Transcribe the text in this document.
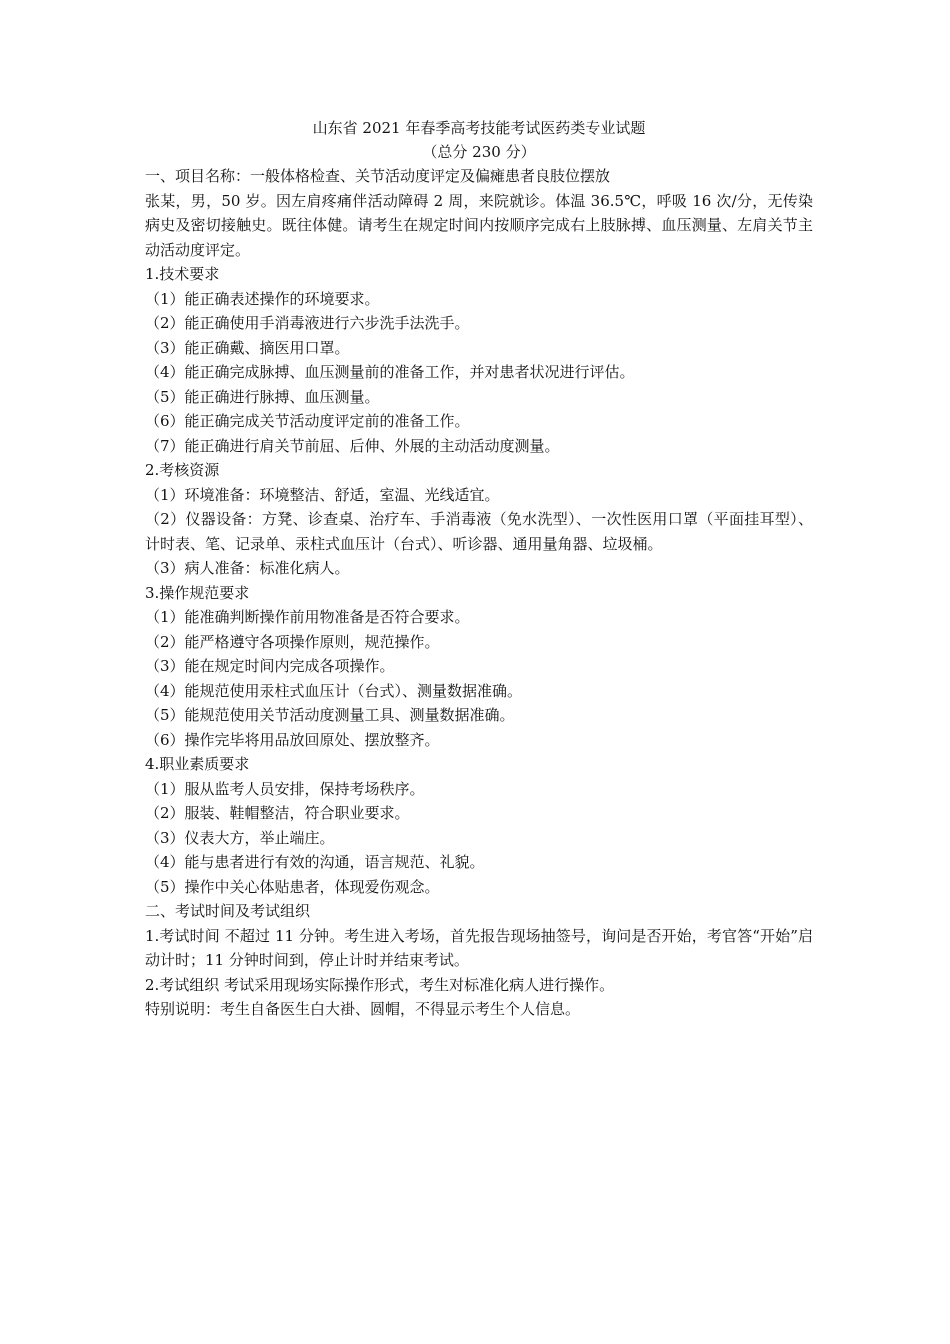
山东省 2021 年春季高考技能考试医药类专业试题

（总分 230 分）

一、项目名称：一般体格检查、关节活动度评定及偏瘫患者良肢位摆放

张某，男，50 岁。因左肩疼痛伴活动障碍 2 周，来院就诊。体温 36.5℃，呼吸 16 次/分，无传染病史及密切接触史。既往体健。请考生在规定时间内按顺序完成右上肢脉搏、血压测量、左肩关节主动活动度评定。

1.技术要求

（1）能正确表述操作的环境要求。

（2）能正确使用手消毒液进行六步洗手法洗手。

（3）能正确戴、摘医用口罩。

（4）能正确完成脉搏、血压测量前的准备工作，并对患者状况进行评估。

（5）能正确进行脉搏、血压测量。

（6）能正确完成关节活动度评定前的准备工作。

（7）能正确进行肩关节前屈、后伸、外展的主动活动度测量。

2.考核资源

（1）环境准备：环境整洁、舒适，室温、光线适宜。

（2）仪器设备：方凳、诊查桌、治疗车、手消毒液（免水洗型）、一次性医用口罩（平面挂耳型）、计时表、笔、记录单、汞柱式血压计（台式）、听诊器、通用量角器、垃圾桶。

（3）病人准备：标准化病人。

3.操作规范要求

（1）能准确判断操作前用物准备是否符合要求。

（2）能严格遵守各项操作原则，规范操作。

（3）能在规定时间内完成各项操作。

（4）能规范使用汞柱式血压计（台式）、测量数据准确。

（5）能规范使用关节活动度测量工具、测量数据准确。

（6）操作完毕将用品放回原处、摆放整齐。

4.职业素质要求

（1）服从监考人员安排，保持考场秩序。

（2）服装、鞋帽整洁，符合职业要求。

（3）仪表大方，举止端庄。

（4）能与患者进行有效的沟通，语言规范、礼貌。

（5）操作中关心体贴患者，体现爱伤观念。

二、考试时间及考试组织

1.考试时间 不超过 11 分钟。考生进入考场，首先报告现场抽签号，询问是否开始，考官答“开始”启动计时；11 分钟时间到，停止计时并结束考试。

2.考试组织 考试采用现场实际操作形式，考生对标准化病人进行操作。

特别说明：考生自备医生白大褂、圆帽，不得显示考生个人信息。
